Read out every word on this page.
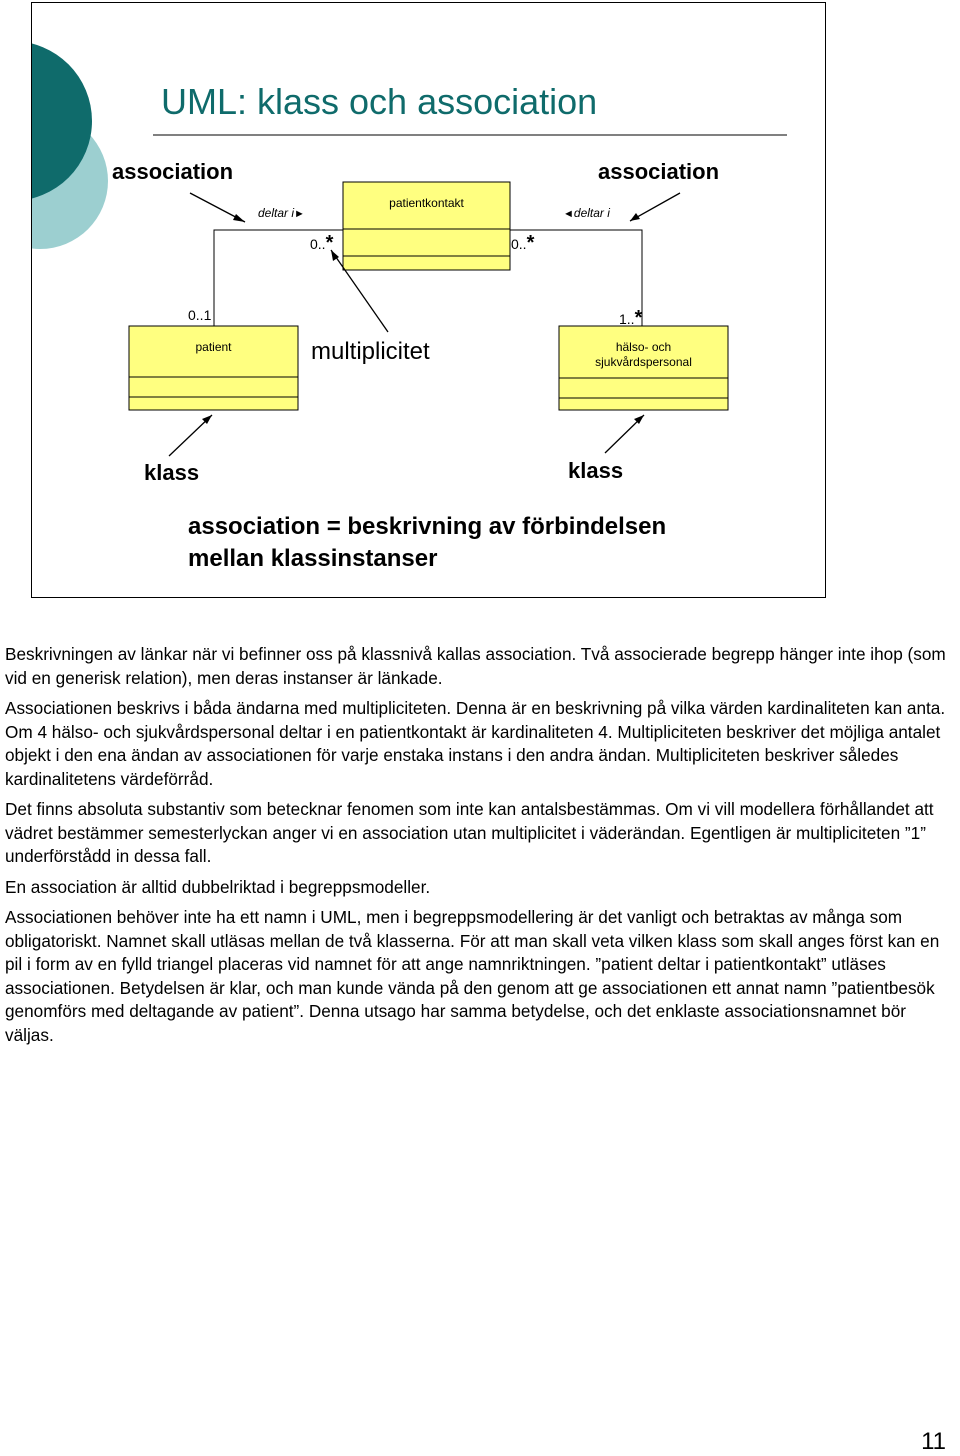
UML: klass och association
association	association
deltar i►	◄deltar i
patientkontakt
0..*	0..*
0..1	1..*
patient	hälso- och
sjukvårdspersonal
multiplicitet
klass	klass
association = beskrivning av förbindelsen
mellan klassinstanser

Beskrivningen av länkar när vi befinner oss på klassnivå kallas association. Två associerade begrepp hänger inte ihop (som vid en generisk relation), men deras instanser är länkade.

Associationen beskrivs i båda ändarna med multipliciteten. Denna är en beskrivning på vilka värden kardinaliteten kan anta. Om 4 hälso- och sjukvårdspersonal deltar i en patientkontakt är kardinaliteten 4. Multipliciteten beskriver det möjliga antalet objekt i den ena ändan av associationen för varje enstaka instans i den andra ändan. Multipliciteten beskriver således kardinalitetens värdeförråd.

Det finns absoluta substantiv som betecknar fenomen som inte kan antalsbestämmas. Om vi vill modellera förhållandet att vädret bestämmer semesterlyckan anger vi en association utan multiplicitet i väderändan. Egentligen är multipliciteten ”1” underförstådd in dessa fall.

En association är alltid dubbelriktad i begreppsmodeller.

Associationen behöver inte ha ett namn i UML, men i begreppsmodellering är det vanligt och betraktas av många som obligatoriskt. Namnet skall utläsas mellan de två klasserna. För att man skall veta vilken klass som skall anges först kan en pil i form av en fylld triangel placeras vid namnet för att ange namnriktningen. ”patient deltar i patientkontakt” utläses associationen. Betydelsen är klar, och man kunde vända på den genom att ge associationen ett annat namn ”patientbesök genomförs med deltagande av patient”. Denna utsago har samma betydelse, och det enklaste associationsnamnet bör väljas.

11
